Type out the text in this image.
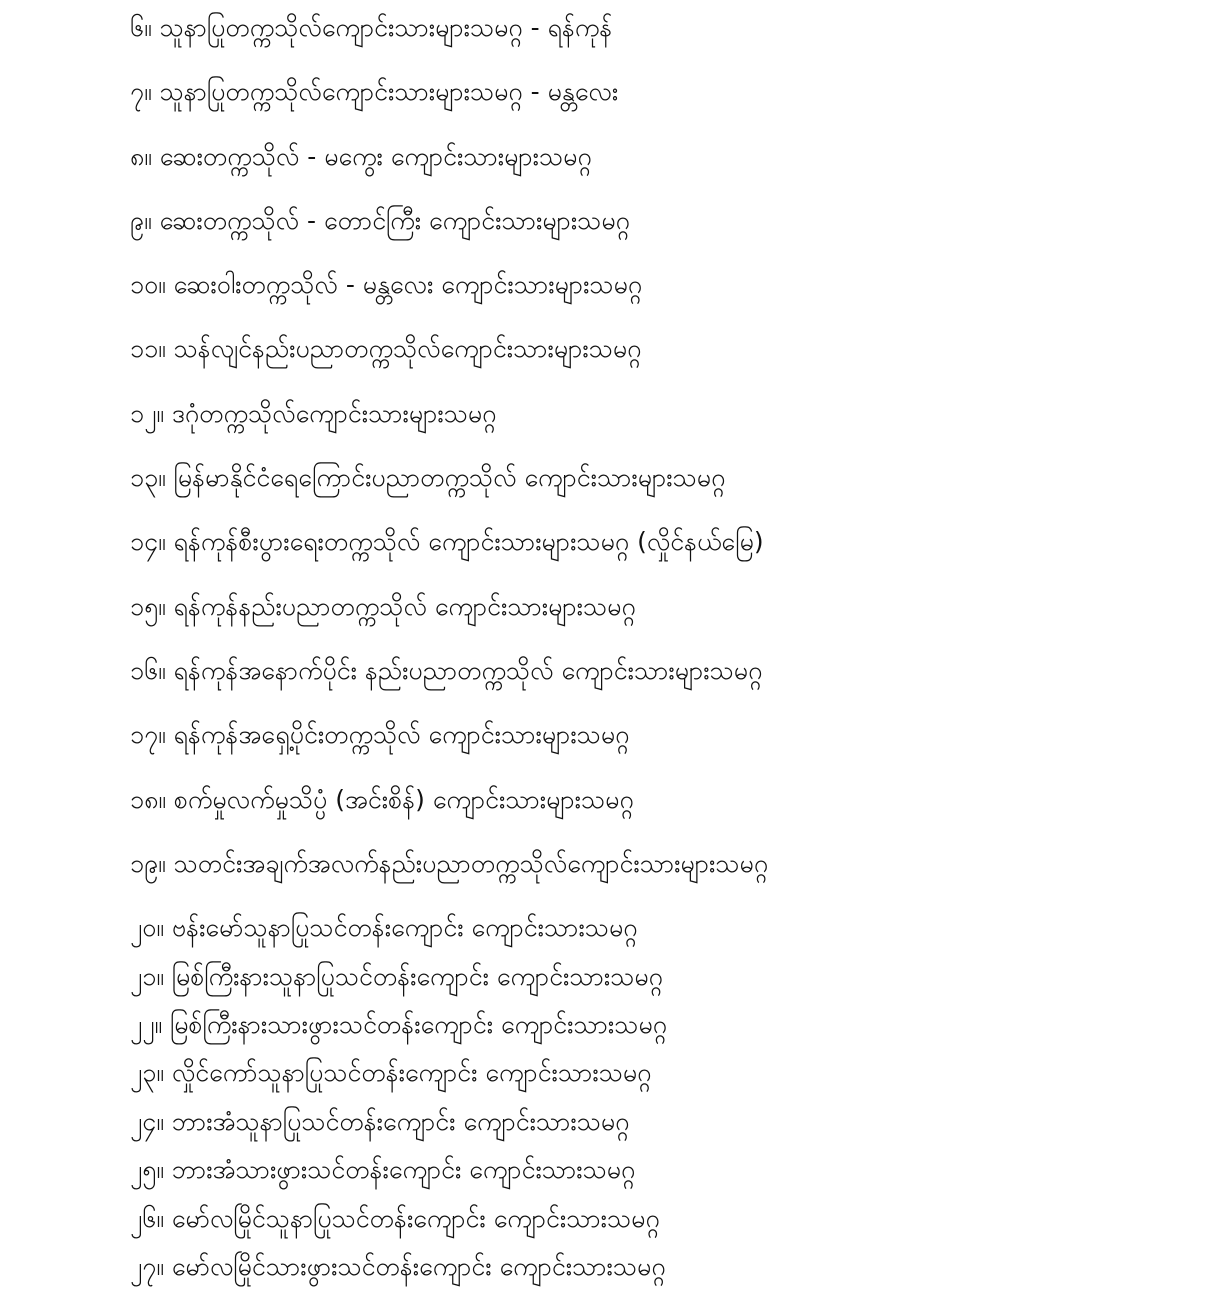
၆။ သူနာပြုတက္ကသိုလ်ကျောင်းသားများသမဂ္ဂ - ရန်ကုန်
၇။ သူနာပြုတက္ကသိုလ်ကျောင်းသားများသမဂ္ဂ - မန္တလေး
၈။ ဆေးတက္ကသိုလ် - မကွေး ကျောင်းသားများသမဂ္ဂ
၉။ ဆေးတက္ကသိုလ် - တောင်ကြီး ကျောင်းသားများသမဂ္ဂ
၁၀။ ဆေးဝါးတက္ကသိုလ် - မန္တလေး ကျောင်းသားများသမဂ္ဂ
၁၁။ သန်လျင်နည်းပညာတက္ကသိုလ်ကျောင်းသားများသမဂ္ဂ
၁၂။ ဒဂုံတက္ကသိုလ်ကျောင်းသားများသမဂ္ဂ
၁၃။ မြန်မာနိုင်ငံရေကြောင်းပညာတက္ကသိုလ် ကျောင်းသားများသမဂ္ဂ
၁၄။ ရန်ကုန်စီးပွားရေးတက္ကသိုလ် ကျောင်းသားများသမဂ္ဂ (လှိုင်နယ်မြေ)
၁၅။ ရန်ကုန်နည်းပညာတက္ကသိုလ် ကျောင်းသားများသမဂ္ဂ
၁၆။ ရန်ကုန်အနောက်ပိုင်း နည်းပညာတက္ကသိုလ် ကျောင်းသားများသမဂ္ဂ
၁၇။ ရန်ကုန်အရှေ့ပိုင်းတက္ကသိုလ် ကျောင်းသားများသမဂ္ဂ
၁၈။ စက်မှုလက်မှုသိပ္ပံ (အင်းစိန်) ကျောင်းသားများသမဂ္ဂ
၁၉။ သတင်းအချက်အလက်နည်းပညာတက္ကသိုလ်ကျောင်းသားများသမဂ္ဂ
၂၀။ ဗန်းမော်သူနာပြုသင်တန်းကျောင်း ကျောင်းသားသမဂ္ဂ
၂၁။ မြစ်ကြီးနားသူနာပြုသင်တန်းကျောင်း ကျောင်းသားသမဂ္ဂ
၂၂။ မြစ်ကြီးနားသားဖွားသင်တန်းကျောင်း ကျောင်းသားသမဂ္ဂ
၂၃။ လှိုင်ကော်သူနာပြုသင်တန်းကျောင်း ကျောင်းသားသမဂ္ဂ
၂၄။ ဘားအံသူနာပြုသင်တန်းကျောင်း ကျောင်းသားသမဂ္ဂ
၂၅။ ဘားအံသားဖွားသင်တန်းကျောင်း ကျောင်းသားသမဂ္ဂ
၂၆။ မော်လမြိုင်သူနာပြုသင်တန်းကျောင်း ကျောင်းသားသမဂ္ဂ
၂၇။ မော်လမြိုင်သားဖွားသင်တန်းကျောင်း ကျောင်းသားသမဂ္ဂ
